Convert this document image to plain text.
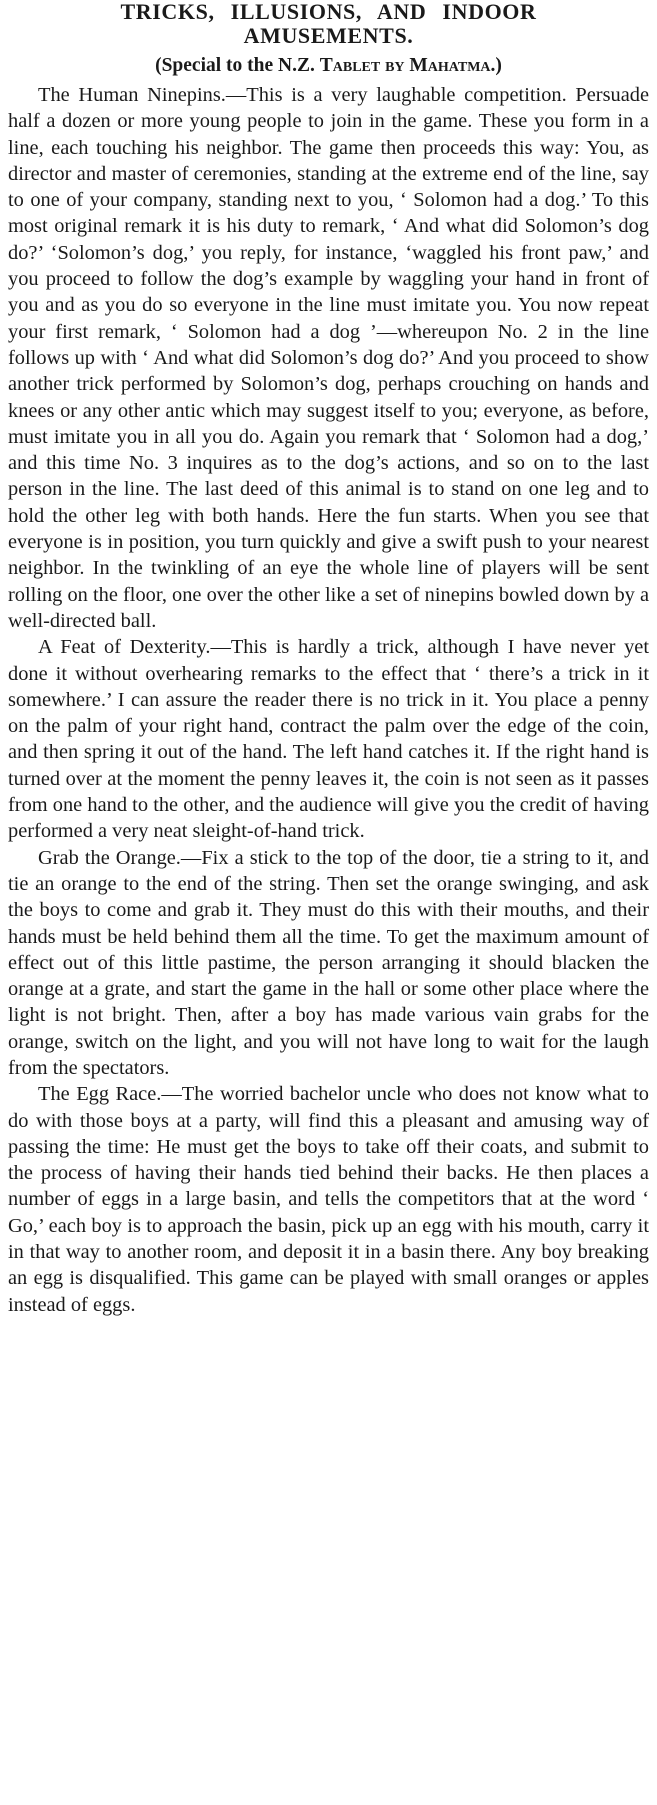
TRICKS, ILLUSIONS, AND INDOOR
AMUSEMENTS.
(Special to the N.Z. Tablet by Mahatma.)

The Human Ninepins.—This is a very laughable competition. Persuade half a dozen or more young people to join in the game. These you form in a line, each touching his neighbor. The game then proceeds this way: You, as director and master of ceremonies, standing at the extreme end of the line, say to one of your company, standing next to you, ‘ Solomon had a dog.’ To this most original remark it is his duty to remark, ‘ And what did Solomon’s dog do?’ ‘Solomon’s dog,’ you reply, for instance, ‘waggled his front paw,’ and you proceed to follow the dog’s example by waggling your hand in front of you and as you do so everyone in the line must imitate you. You now repeat your first remark, ‘ Solomon had a dog ’—whereupon No. 2 in the line follows up with ‘ And what did Solomon’s dog do?’ And you proceed to show another trick performed by Solomon’s dog, perhaps crouching on hands and knees or any other antic which may suggest itself to you; everyone, as before, must imitate you in all you do. Again you remark that ‘ Solomon had a dog,’ and this time No. 3 inquires as to the dog’s actions, and so on to the last person in the line. The last deed of this animal is to stand on one leg and to hold the other leg with both hands. Here the fun starts. When you see that everyone is in position, you turn quickly and give a swift push to your nearest neighbor. In the twinkling of an eye the whole line of players will be sent rolling on the floor, one over the other like a set of ninepins bowled down by a well-directed ball.

A Feat of Dexterity.—This is hardly a trick, although I have never yet done it without overhearing remarks to the effect that ‘ there’s a trick in it somewhere.’ I can assure the reader there is no trick in it. You place a penny on the palm of your right hand, contract the palm over the edge of the coin, and then spring it out of the hand. The left hand catches it. If the right hand is turned over at the moment the penny leaves it, the coin is not seen as it passes from one hand to the other, and the audience will give you the credit of having performed a very neat sleight-of-hand trick.

Grab the Orange.—Fix a stick to the top of the door, tie a string to it, and tie an orange to the end of the string. Then set the orange swinging, and ask the boys to come and grab it. They must do this with their mouths, and their hands must be held behind them all the time. To get the maximum amount of effect out of this little pastime, the person arranging it should blacken the orange at a grate, and start the game in the hall or some other place where the light is not bright. Then, after a boy has made various vain grabs for the orange, switch on the light, and you will not have long to wait for the laugh from the spectators.

The Egg Race.—The worried bachelor uncle who does not know what to do with those boys at a party, will find this a pleasant and amusing way of passing the time: He must get the boys to take off their coats, and submit to the process of having their hands tied behind their backs. He then places a number of eggs in a large basin, and tells the competitors that at the word ‘ Go,’ each boy is to approach the basin, pick up an egg with his mouth, carry it in that way to another room, and deposit it in a basin there. Any boy breaking an egg is disqualified. This game can be played with small oranges or apples instead of eggs.
